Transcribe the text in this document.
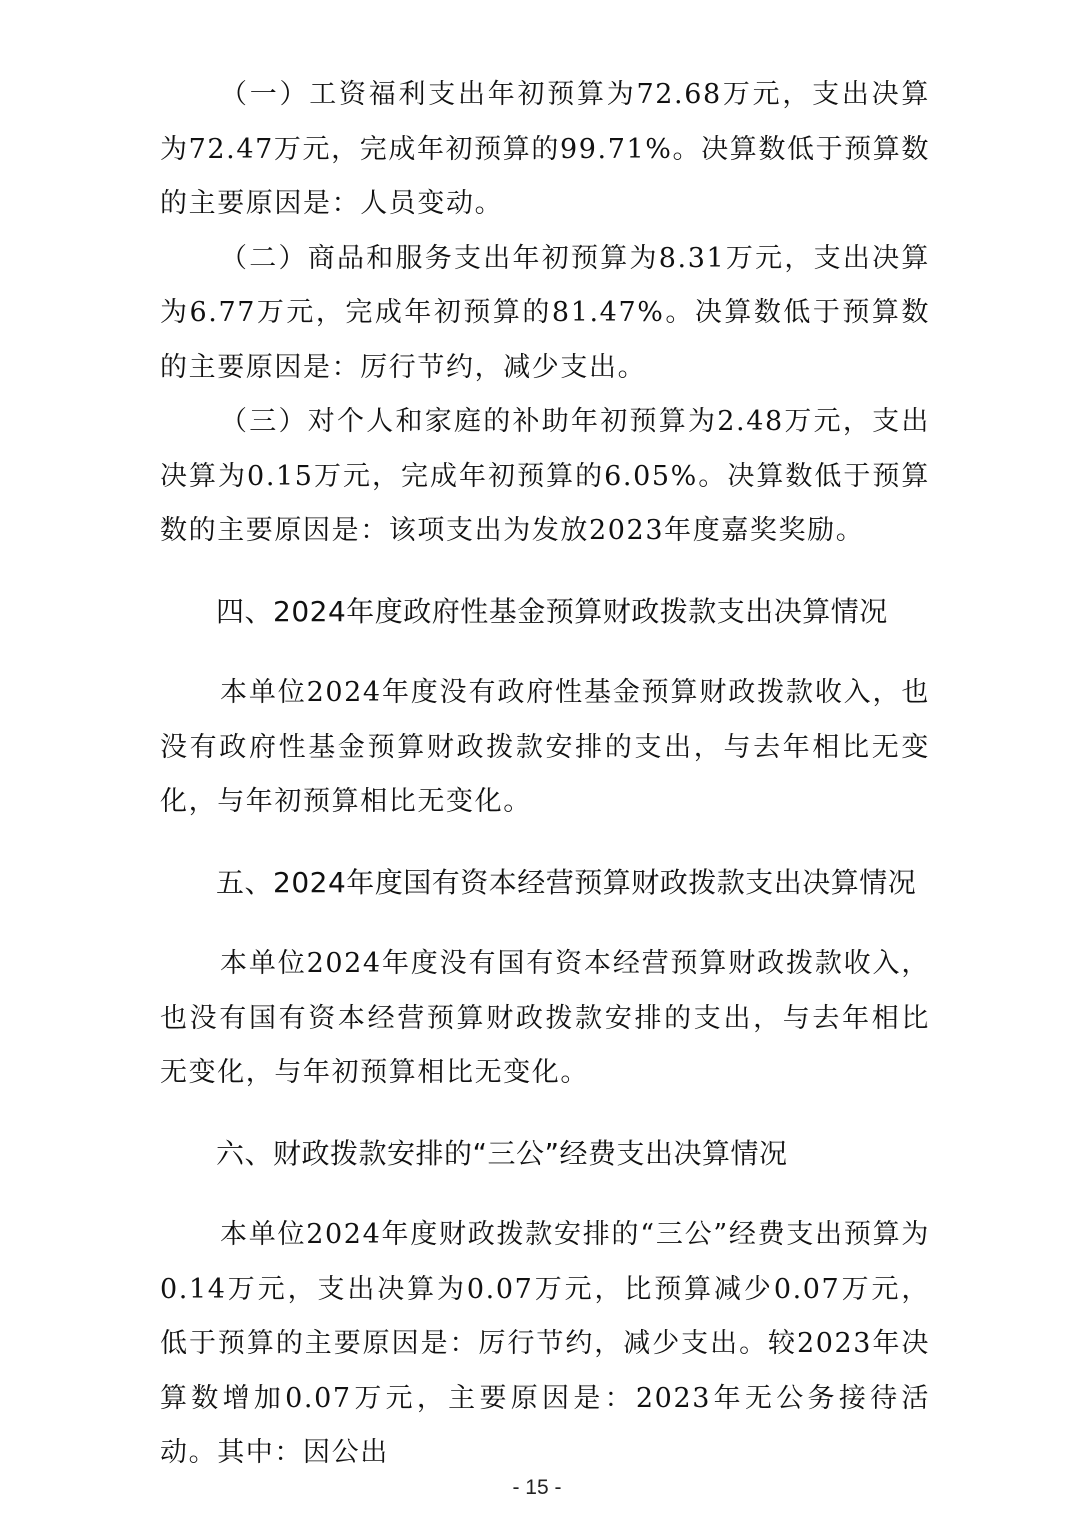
（一）工资福利支出年初预算为72.68万元，支出决算为72.47万元，完成年初预算的99.71%。决算数低于预算数的主要原因是：人员变动。

（二）商品和服务支出年初预算为8.31万元，支出决算为6.77万元，完成年初预算的81.47%。决算数低于预算数的主要原因是：厉行节约，减少支出。

（三）对个人和家庭的补助年初预算为2.48万元，支出决算为0.15万元，完成年初预算的6.05%。决算数低于预算数的主要原因是：该项支出为发放2023年度嘉奖奖励。

四、2024年度政府性基金预算财政拨款支出决算情况

本单位2024年度没有政府性基金预算财政拨款收入，也没有政府性基金预算财政拨款安排的支出，与去年相比无变化，与年初预算相比无变化。

五、2024年度国有资本经营预算财政拨款支出决算情况

本单位2024年度没有国有资本经营预算财政拨款收入，也没有国有资本经营预算财政拨款安排的支出，与去年相比无变化，与年初预算相比无变化。

六、财政拨款安排的“三公”经费支出决算情况

本单位2024年度财政拨款安排的“三公”经费支出预算为0.14万元，支出决算为0.07万元，比预算减少0.07万元，低于预算的主要原因是：厉行节约，减少支出。较2023年决算数增加0.07万元，主要原因是：2023年无公务接待活动。其中：因公出

- 15 -
